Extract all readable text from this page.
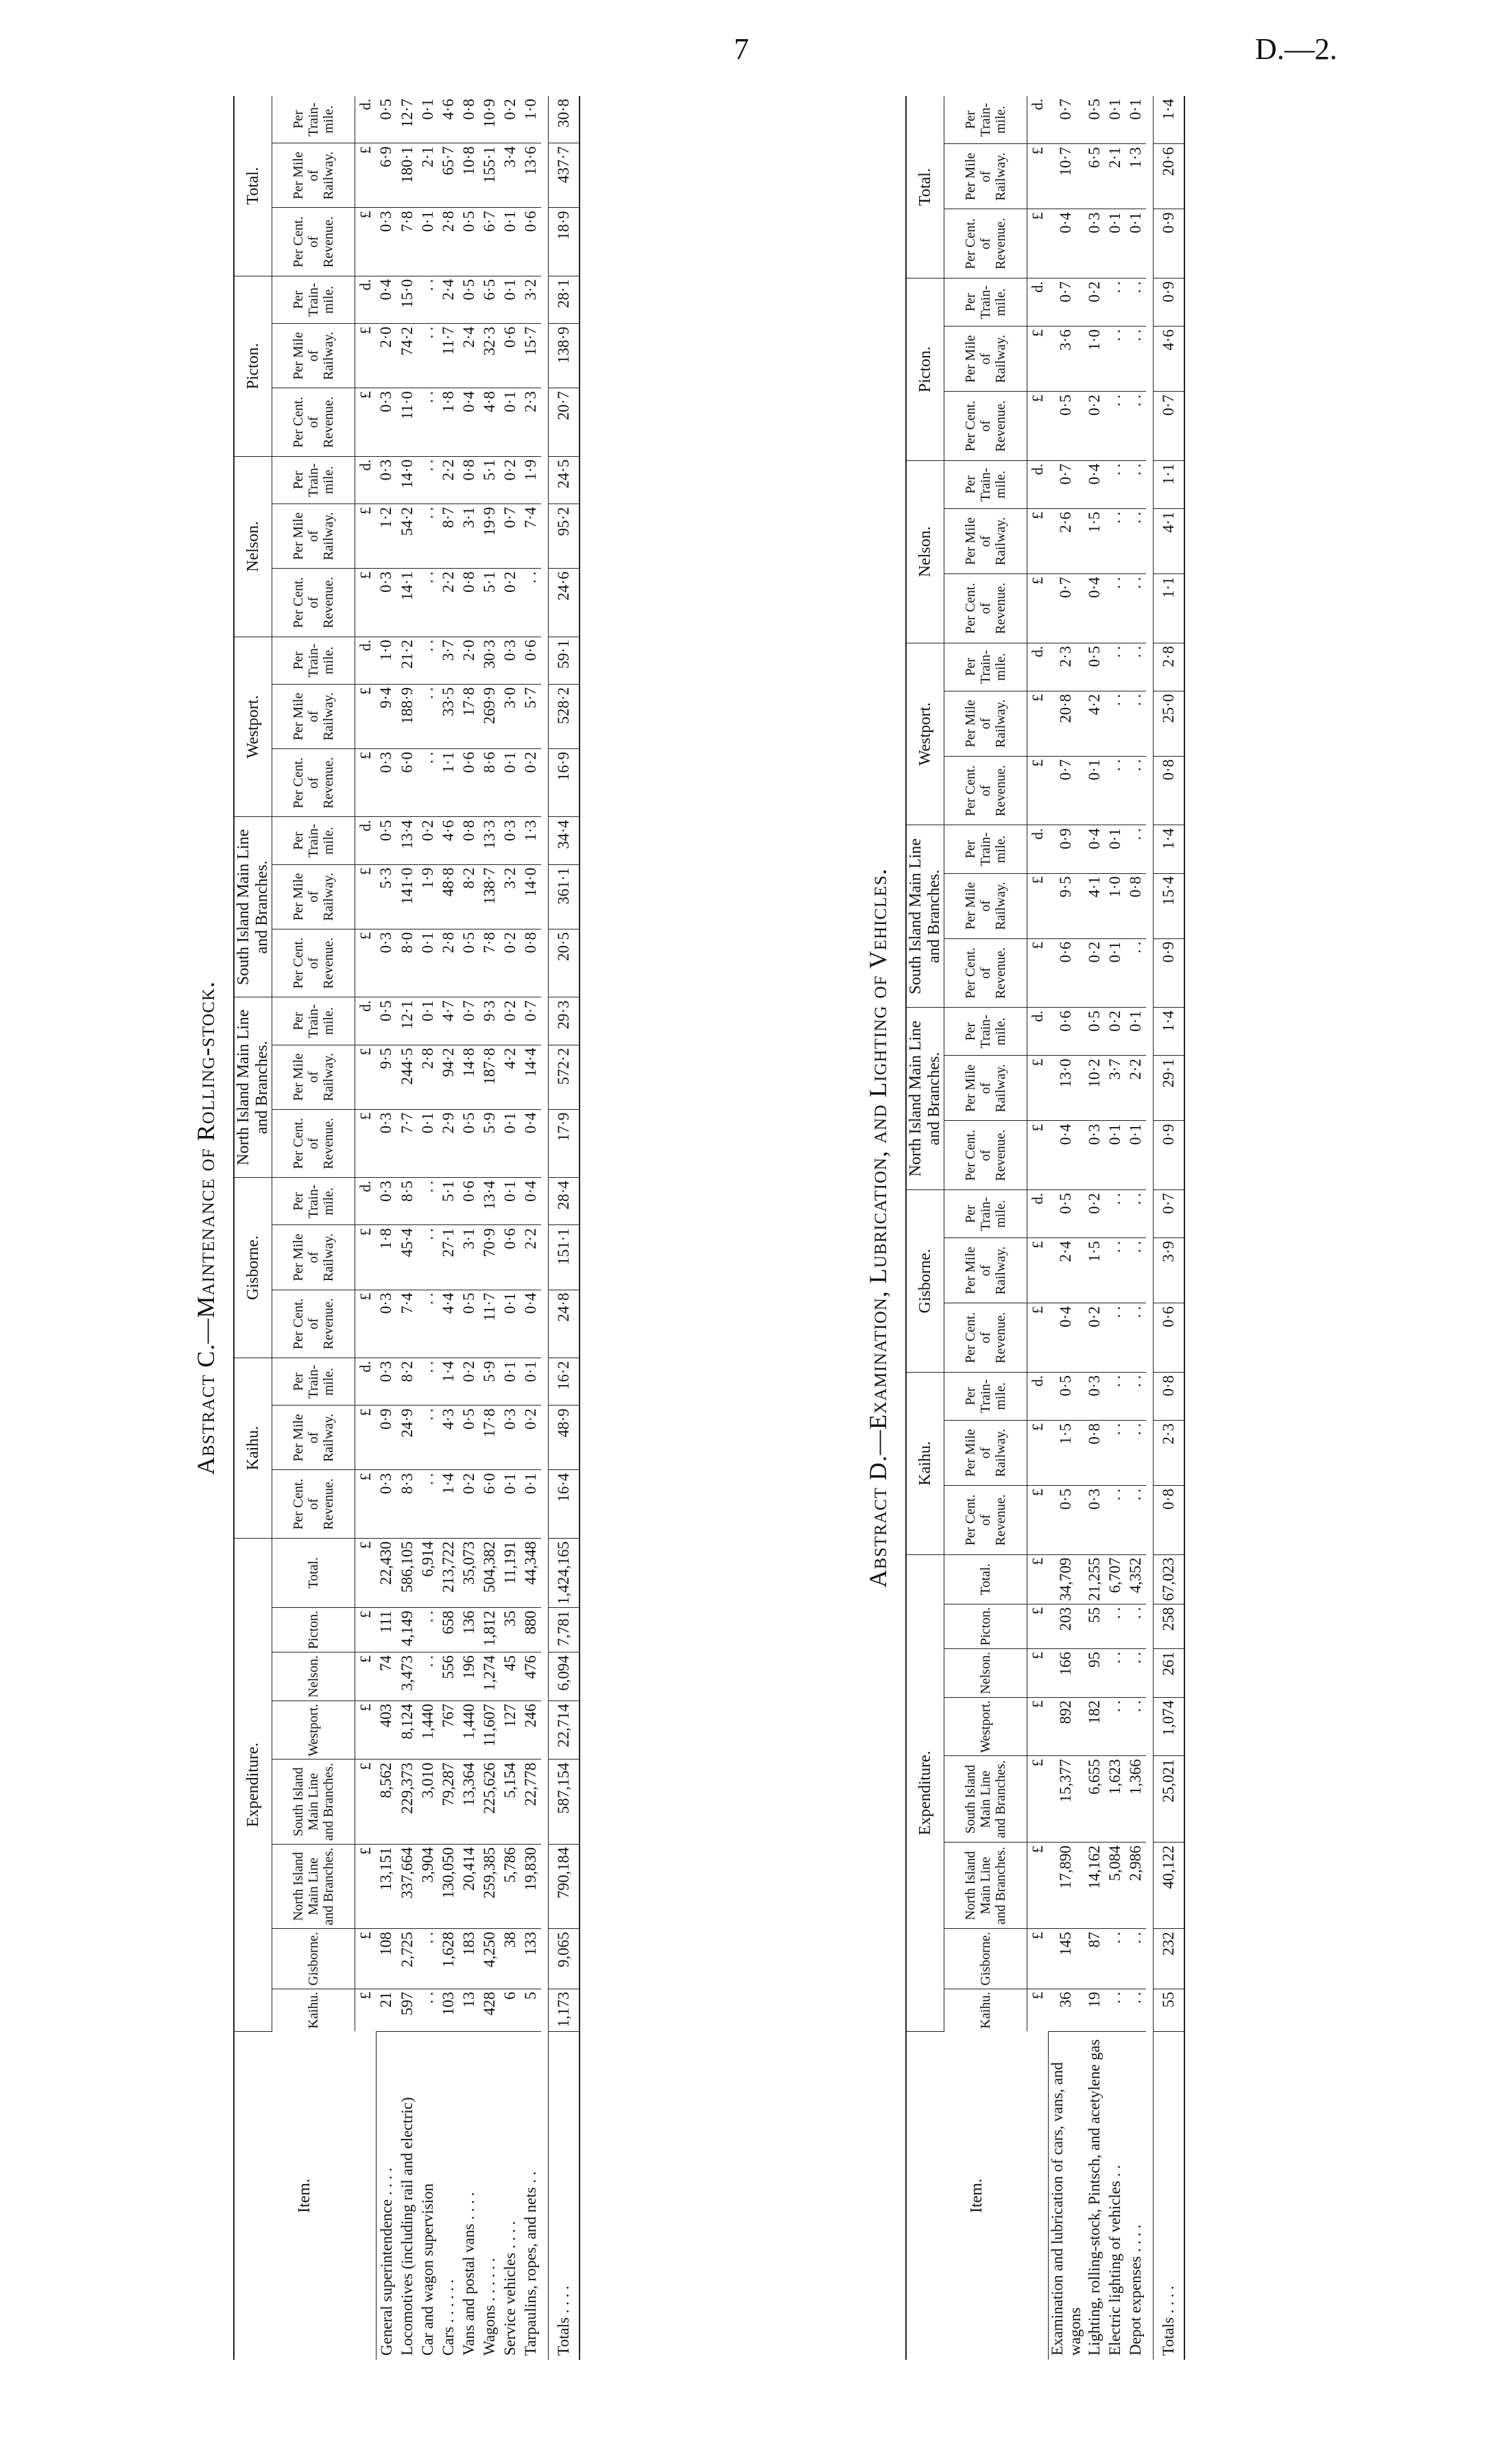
7	D.—2.
Abstract C.—Maintenance of Rolling-stock.
Item.	Expenditure.								Kaihu.			Gisborne.			North Island Main Line and Branches.			South Island Main Line and Branches.			Westport.			Nelson.			Picton.			Total.		
	Kaihu.	Gisborne.	North Island Main Line and Branches.	South Island Main Line and Branches.	Westport.	Nelson.	Picton.	Total.	Per Cent. of Revenue.	Per Mile of Railway.	Per Train-mile.	Per Cent. of Revenue.	Per Mile of Railway.	Per Train-mile.	Per Cent. of Revenue.	Per Mile of Railway.	Per Train-mile.	Per Cent. of Revenue.	Per Mile of Railway.	Per Train-mile.	Per Cent. of Revenue.	Per Mile of Railway.	Per Train-mile.	Per Cent. of Revenue.	Per Mile of Railway.	Per Train-mile.	Per Cent. of Revenue.	Per Mile of Railway.	Per Train-mile.	Per Cent. of Revenue.	Per Mile of Railway.	Per Train-mile.
	£	£	£	£	£	£	£	£	£	£	d.	£	£	d.	£	£	d.	£	£	d.	£	£	d.	£	£	d.	£	£	d.	£	£	d.
General superintendence . . . .	21	108	13,151	8,562	403	74	111	22,430	0·3	0·9	0·3	0·3	1·8	0·3	0·3	9·5	0·5	0·3	5·3	0·5	0·3	9·4	1·0	0·3	1·2	0·3	0·3	2·0	0·4	0·3	6·9	0·5
Locomotives (including rail and electric)	597	2,725	337,664	229,373	8,124	3,473	4,149	586,105	8·3	24·9	8·2	7·4	45·4	8·5	7·7	244·5	12·1	8·0	141·0	13·4	6·0	188·9	21·2	14·1	54·2	14·0	11·0	74·2	15·0	7·8	180·1	12·7
Car and wagon supervision	. .	. .	3,904	3,010	1,440	. .	. .	6,914	. .	. .	. .	. .	. .	. .	0·1	2·8	0·1	0·1	1·9	0·2	. .	. .	. .	. .	. .	. .	. .	. .	. .	0·1	2·1	0·1
Cars . . . . . .	103	1,628	130,050	79,287	767	556	658	213,722	1·4	4·3	1·4	4·4	27·1	5·1	2·9	94·2	4·7	2·8	48·8	4·6	1·1	33·5	3·7	2·2	8·7	2·2	1·8	11·7	2·4	2·8	65·7	4·6
Vans and postal vans . . . .	13	183	20,414	13,364	1,440	196	136	35,073	0·2	0·5	0·2	0·5	3·1	0·6	0·5	14·8	0·7	0·5	8·2	0·8	0·6	17·8	2·0	0·8	3·1	0·8	0·4	2·4	0·5	0·5	10·8	0·8
Wagons . . . . . .	428	4,250	259,385	225,626	11,607	1,274	1,812	504,382	6·0	17·8	5·9	11·7	70·9	13·4	5·9	187·8	9·3	7·8	138·7	13·3	8·6	269·9	30·3	5·1	19·9	5·1	4·8	32·3	6·5	6·7	155·1	10·9
Service vehicles . . . .	6	38	5,786	5,154	127	45	35	11,191	0·1	0·3	0·1	0·1	0·6	0·1	0·1	4·2	0·2	0·2	3·2	0·3	0·1	3·0	0·3	0·2	0·7	0·2	0·1	0·6	0·1	0·1	3·4	0·2
Tarpaulins, ropes, and nets . .	5	133	19,830	22,778	246	476	880	44,348	0·1	0·2	0·1	0·4	2·2	0·4	0·4	14·4	0·7	0·8	14·0	1·3	0·2	5·7	0·6	. .	7·4	1·9	2·3	15·7	3·2	0·6	13·6	1·0

Totals . . . .	1,173	9,065	790,184	587,154	22,714	6,094	7,781	1,424,165	16·4	48·9	16·2	24·8	151·1	28·4	17·9	572·2	29·3	20·5	361·1	34·4	16·9	528·2	59·1	24·6	95·2	24·5	20·7	138·9	28·1	18·9	437·7	30·8
Abstract D.—Examination, Lubrication, and Lighting of Vehicles.
Item.	Expenditure.								Kaihu.			Gisborne.			North Island Main Line and Branches.			South Island Main Line and Branches.			Westport.			Nelson.			Picton.			Total.		
	Kaihu.	Gisborne.	North Island Main Line and Branches.	South Island Main Line and Branches.	Westport.	Nelson.	Picton.	Total.	Per Cent. of Revenue.	Per Mile of Railway.	Per Train-mile.	Per Cent. of Revenue.	Per Mile of Railway.	Per Train-mile.	Per Cent. of Revenue.	Per Mile of Railway.	Per Train-mile.	Per Cent. of Revenue.	Per Mile of Railway.	Per Train-mile.	Per Cent. of Revenue.	Per Mile of Railway.	Per Train-mile.	Per Cent. of Revenue.	Per Mile of Railway.	Per Train-mile.	Per Cent. of Revenue.	Per Mile of Railway.	Per Train-mile.	Per Cent. of Revenue.	Per Mile of Railway.	Per Train-mile.
	£	£	£	£	£	£	£	£	£	£	d.	£	£	d.	£	£	d.	£	£	d.	£	£	d.	£	£	d.	£	£	d.	£	£	d.
Examination and lubrication of cars, vans, and wagons	36	145	17,890	15,377	892	166	203	34,709	0·5	1·5	0·5	0·4	2·4	0·5	0·4	13·0	0·6	0·6	9·5	0·9	0·7	20·8	2·3	0·7	2·6	0·7	0·5	3·6	0·7	0·4	10·7	0·7
Lighting, rolling-stock, Pintsch, and acetylene gas	19	87	14,162	6,655	182	95	55	21,255	0·3	0·8	0·3	0·2	1·5	0·2	0·3	10·2	0·5	0·2	4·1	0·4	0·1	4·2	0·5	0·4	1·5	0·4	0·2	1·0	0·2	0·3	6·5	0·5
Electric lighting of vehicles . .	. .	. .	5,084	1,623	. .	. .	. .	6,707	. .	. .	. .	. .	. .	. .	0·1	3·7	0·2	0·1	1·0	0·1	. .	. .	. .	. .	. .	. .	. .	. .	. .	0·1	2·1	0·1
Depot expenses . . . .	. .	. .	2,986	1,366	. .	. .	. .	4,352	. .	. .	. .	. .	. .	. .	0·1	2·2	0·1	. .	0·8	. .	. .	. .	. .	. .	. .	. .	. .	. .	. .	0·1	1·3	0·1

Totals . . . .	55	232	40,122	25,021	1,074	261	258	67,023	0·8	2·3	0·8	0·6	3·9	0·7	0·9	29·1	1·4	0·9	15·4	1·4	0·8	25·0	2·8	1·1	4·1	1·1	0·7	4·6	0·9	0·9	20·6	1·4
